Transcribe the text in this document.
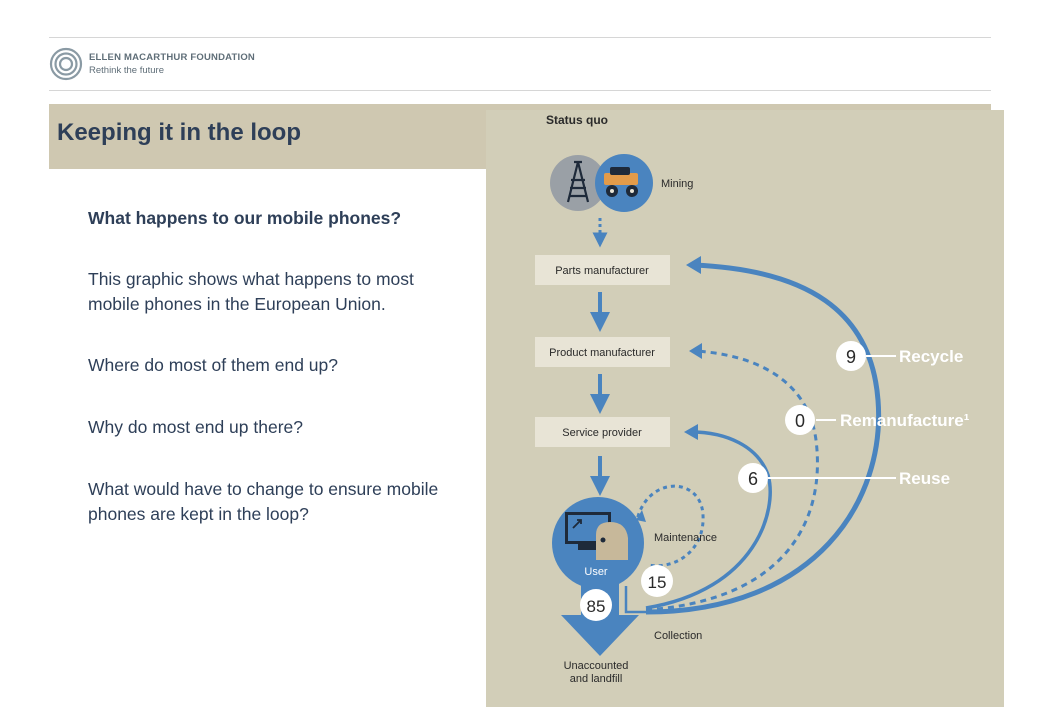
ELLEN MACARTHUR FOUNDATION
Rethink the future
Keeping it in the loop

What happens to our mobile phones?

This graphic shows what happens to most mobile phones in the European Union.

Where do most of them end up?

Why do most end up there?

What would have to change to ensure mobile phones are kept in the loop?

Status quo
Mining
Parts manufacturer
Product manufacturer
Service provider
User
Maintenance
Collection
9
0
6
15
85
Recycle
Remanufacture¹
Reuse
Unaccounted
and landfill
